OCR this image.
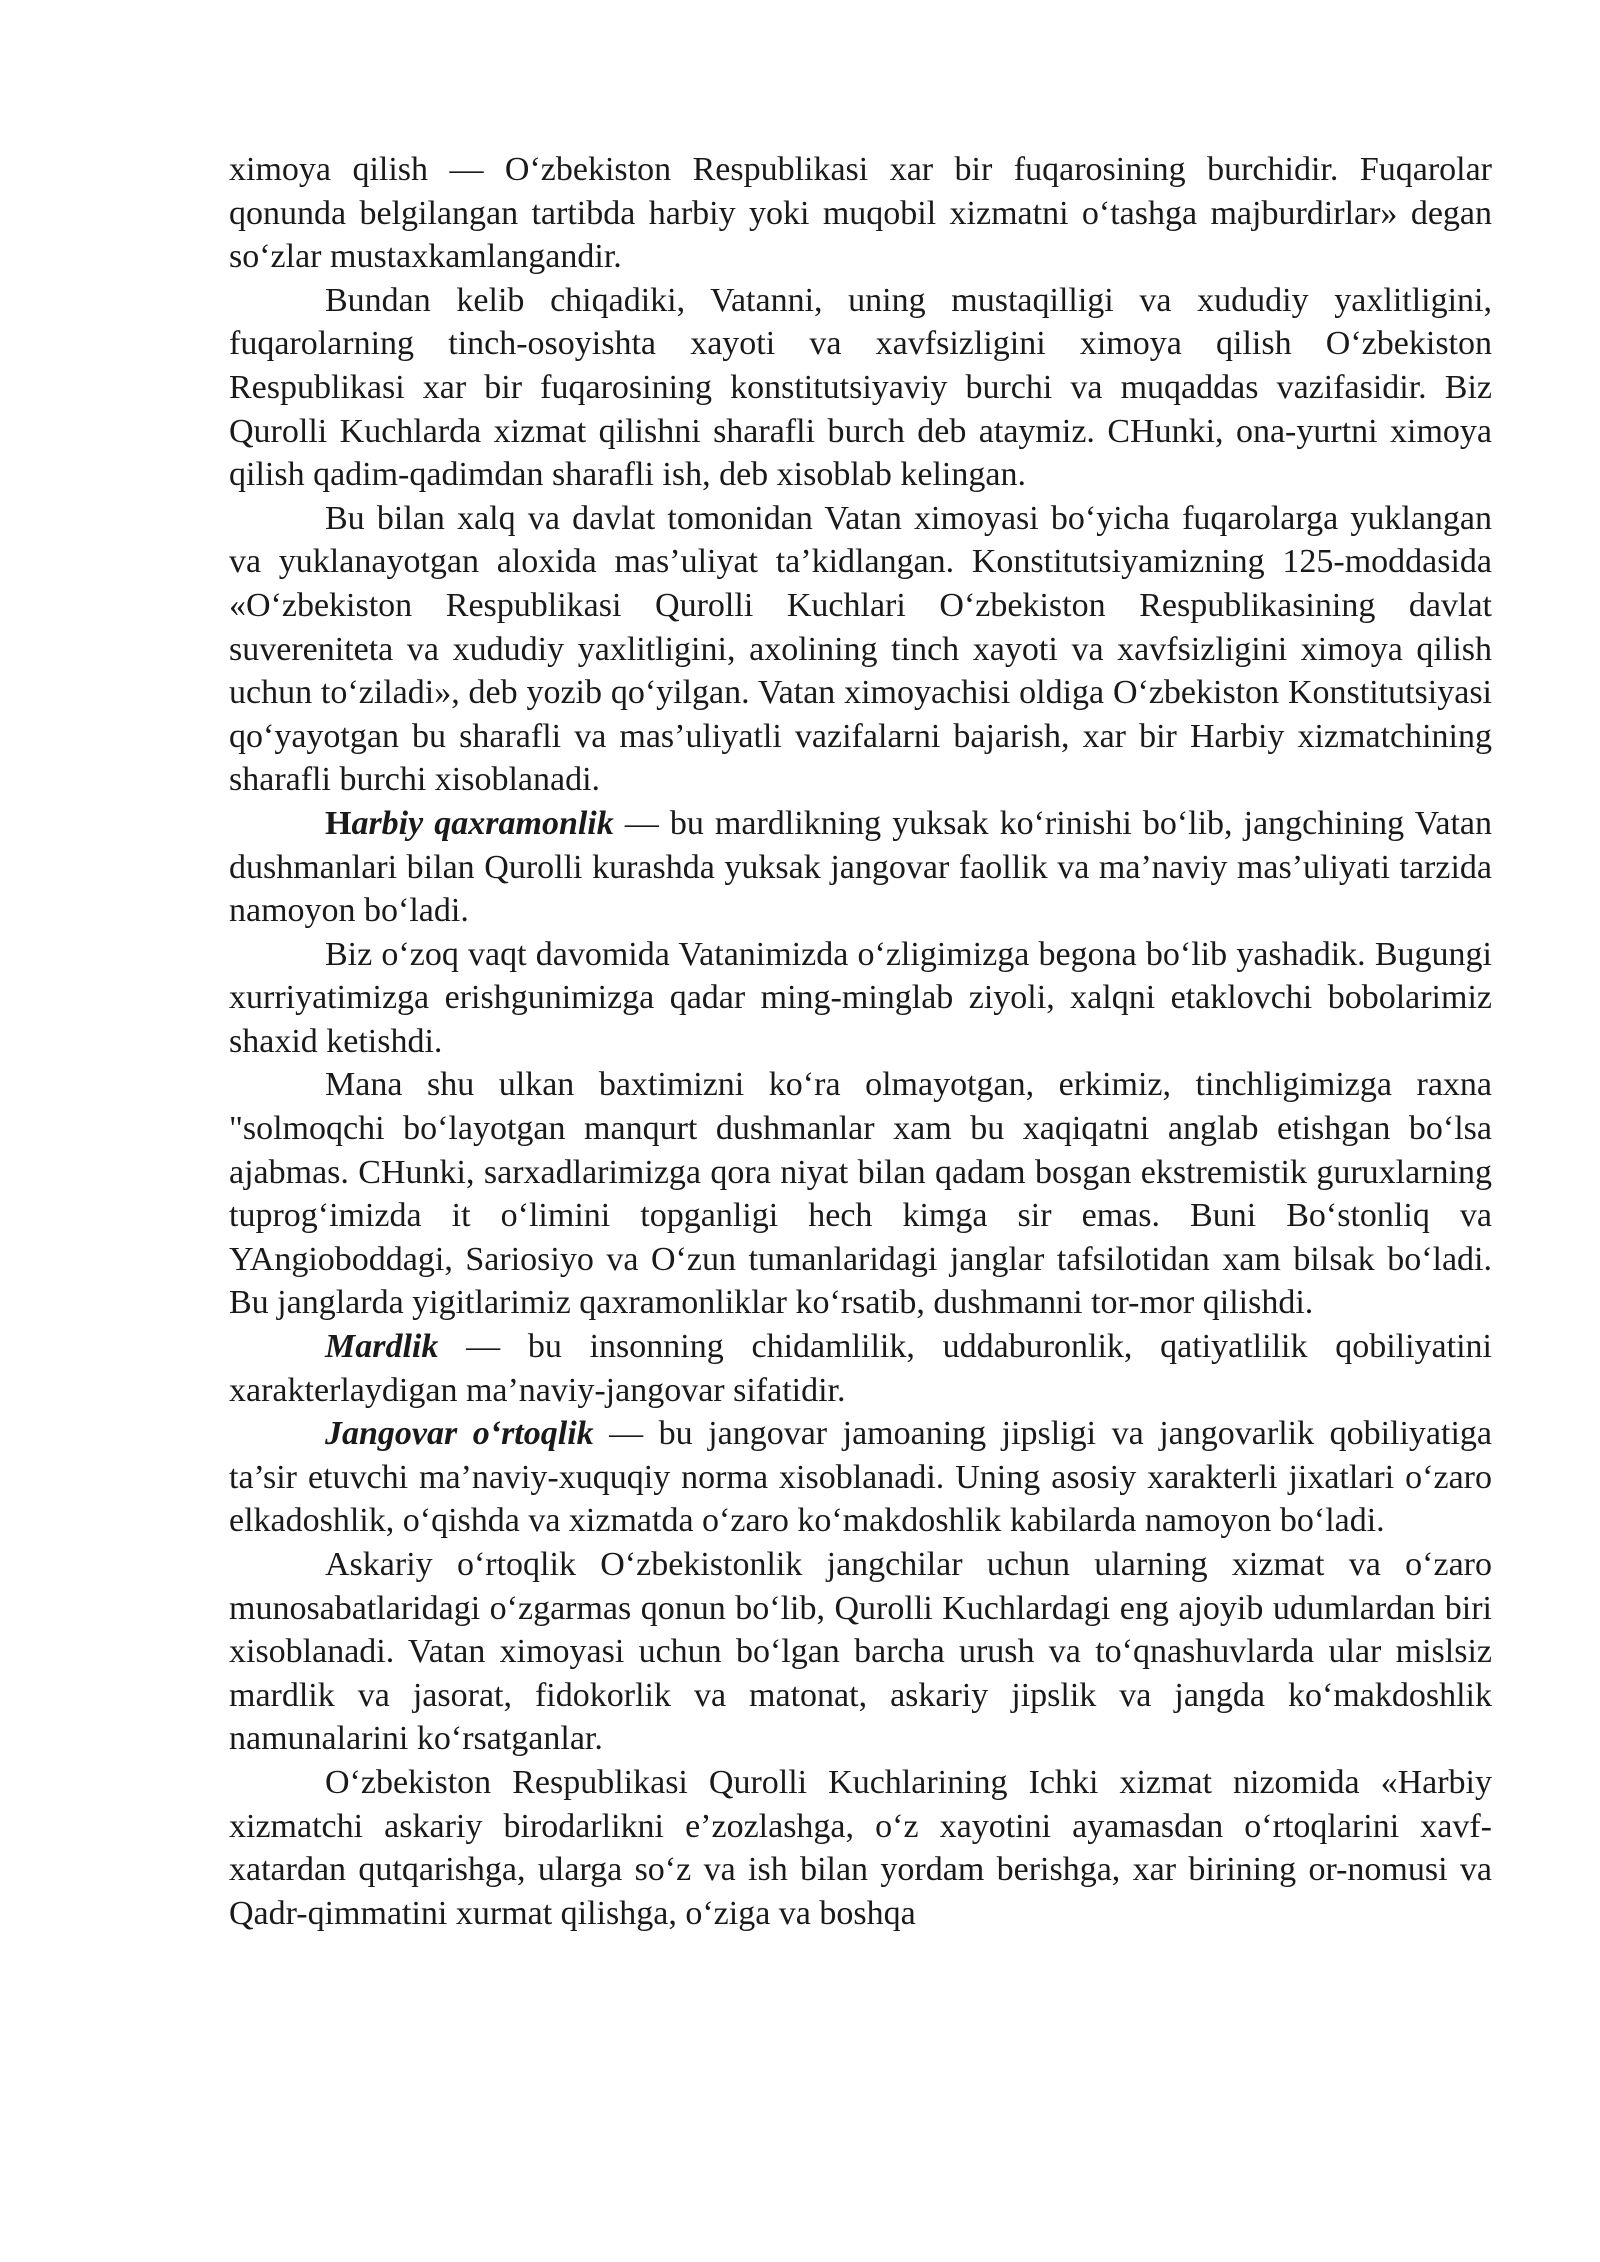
ximoya qilish — O‘zbekiston Respublikasi xar bir fuqarosining burchidir. Fuqarolar qonunda belgilangan tartibda harbiy yoki muqobil xizmatni o‘tashga majburdirlar» degan so‘zlar mustaxkamlangandir.

Bundan kelib chiqadiki, Vatanni, uning mustaqilligi va xududiy yaxlitligini, fuqarolarning tinch-osoyishta xayoti va xavfsizligini ximoya qilish O‘zbekiston Respublikasi xar bir fuqarosining konstitutsiyaviy burchi va muqaddas vazifasidir. Biz Qurolli Kuchlarda xizmat qilishni sharafli burch deb ataymiz. CHunki, ona-yurtni ximoya qilish qadim-qadimdan sharafli ish, deb xisoblab kelingan.

Bu bilan xalq va davlat tomonidan Vatan ximoyasi bo‘yicha fuqarolarga yuklangan va yuklanayotgan aloxida mas’uliyat ta’kidlangan. Konstitutsiyamizning 125-moddasida «O‘zbekiston Respublikasi Qurolli Kuchlari O‘zbekiston Respublikasining davlat suvereniteta va xududiy yaxlitligini, axolining tinch xayoti va xavfsizligini ximoya qilish uchun to‘ziladi», deb yozib qo‘yilgan. Vatan ximoyachisi oldiga O‘zbekiston Konstitutsiyasi qo‘yayotgan bu sharafli va mas’uliyatli vazifalarni bajarish, xar bir Harbiy xizmatchining sharafli burchi xisoblanadi.

Harbiy qaxramonlik — bu mardlikning yuksak ko‘rinishi bo‘lib, jangchining Vatan dushmanlari bilan Qurolli kurashda yuksak jangovar faollik va ma’naviy mas’uliyati tarzida namoyon bo‘ladi.

Biz o‘zoq vaqt davomida Vatanimizda o‘zligimizga begona bo‘lib yashadik. Bugungi xurriyatimizga erishgunimizga qadar ming-minglab ziyoli, xalqni etaklovchi bobolarimiz shaxid ketishdi.

Mana shu ulkan baxtimizni ko‘ra olmayotgan, erkimiz, tinchligimizga raxna "solmoqchi bo‘layotgan manqurt dushmanlar xam bu xaqiqatni anglab etishgan bo‘lsa ajabmas. CHunki, sarxadlarimizga qora niyat bilan qadam bosgan ekstremistik guruxlarning tuprog‘imizda it o‘limini topganligi hech kimga sir emas. Buni Bo‘stonliq va YAngioboddagi, Sariosiyo va O‘zun tumanlaridagi janglar tafsilotidan xam bilsak bo‘ladi. Bu janglarda yigitlarimiz qaxramonliklar ko‘rsatib, dushmanni tor-mor qilishdi.

Mardlik — bu insonning chidamlilik, uddaburonlik, qatiyatlilik qobiliyatini xarakterlaydigan ma’naviy-jangovar sifatidir.

Jangovar o‘rtoqlik — bu jangovar jamoaning jipsligi va jangovarlik qobiliyatiga ta’sir etuvchi ma’naviy-xuquqiy norma xisoblanadi. Uning asosiy xarakterli jixatlari o‘zaro elkadoshlik, o‘qishda va xizmatda o‘zaro ko‘makdoshlik kabilarda namoyon bo‘ladi.

Askariy o‘rtoqlik O‘zbekistonlik jangchilar uchun ularning xizmat va o‘zaro munosabatlaridagi o‘zgarmas qonun bo‘lib, Qurolli Kuchlardagi eng ajoyib udumlardan biri xisoblanadi. Vatan ximoyasi uchun bo‘lgan barcha urush va to‘qnashuvlarda ular mislsiz mardlik va jasorat, fidokorlik va matonat, askariy jipslik va jangda ko‘makdoshlik namunalarini ko‘rsatganlar.

O‘zbekiston Respublikasi Qurolli Kuchlarining Ichki xizmat nizomida «Harbiy xizmatchi askariy birodarlikni e’zozlashga, o‘z xayotini ayamasdan o‘rtoqlarini xavf-xatardan qutqarishga, ularga so‘z va ish bilan yordam berishga, xar birining or-nomusi va Qadr-qimmatini xurmat qilishga, o‘ziga va boshqa
